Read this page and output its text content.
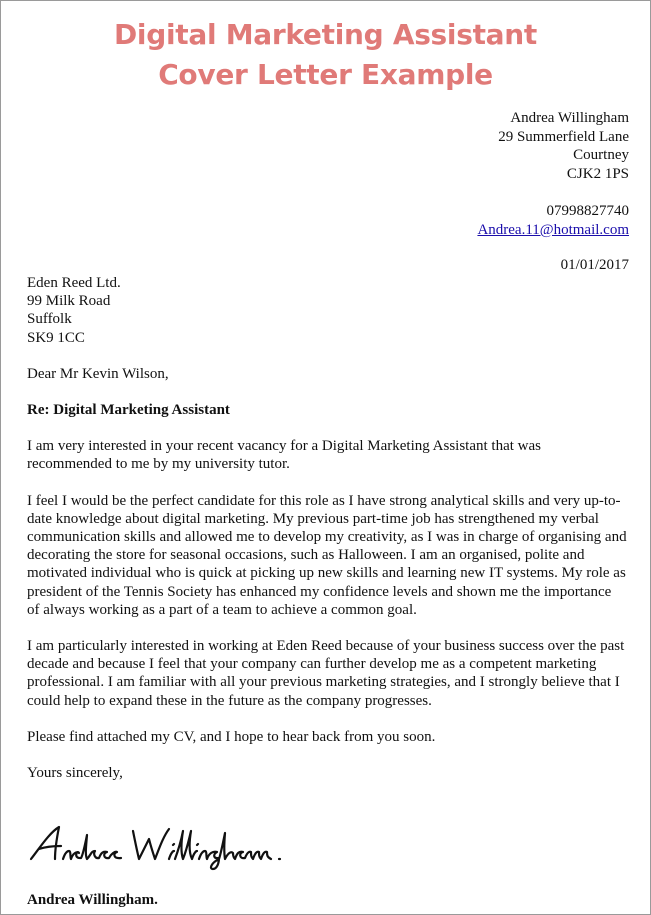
Digital Marketing Assistant
Cover Letter Example
Andrea Willingham
29 Summerfield Lane
Courtney
CJK2 1PS
07998827740
Andrea.11@hotmail.com
01/01/2017
Eden Reed Ltd.
99 Milk Road
Suffolk
SK9 1CC

Dear Mr Kevin Wilson,

Re: Digital Marketing Assistant

I am very interested in your recent vacancy for a Digital Marketing Assistant that was recommended to me by my university tutor.

I feel I would be the perfect candidate for this role as I have strong analytical skills and very up-to-date knowledge about digital marketing. My previous part-time job has strengthened my verbal communication skills and allowed me to develop my creativity, as I was in charge of organising and decorating the store for seasonal occasions, such as Halloween. I am an organised, polite and motivated individual who is quick at picking up new skills and learning new IT systems. My role as president of the Tennis Society has enhanced my confidence levels and shown me the importance of always working as a part of a team to achieve a common goal.

I am particularly interested in working at Eden Reed because of your business success over the past decade and because I feel that your company can further develop me as a competent marketing professional. I am familiar with all your previous marketing strategies, and I strongly believe that I could help to expand these in the future as the company progresses.

Please find attached my CV, and I hope to hear back from you soon.

Yours sincerely,

Andrea Willingham.
